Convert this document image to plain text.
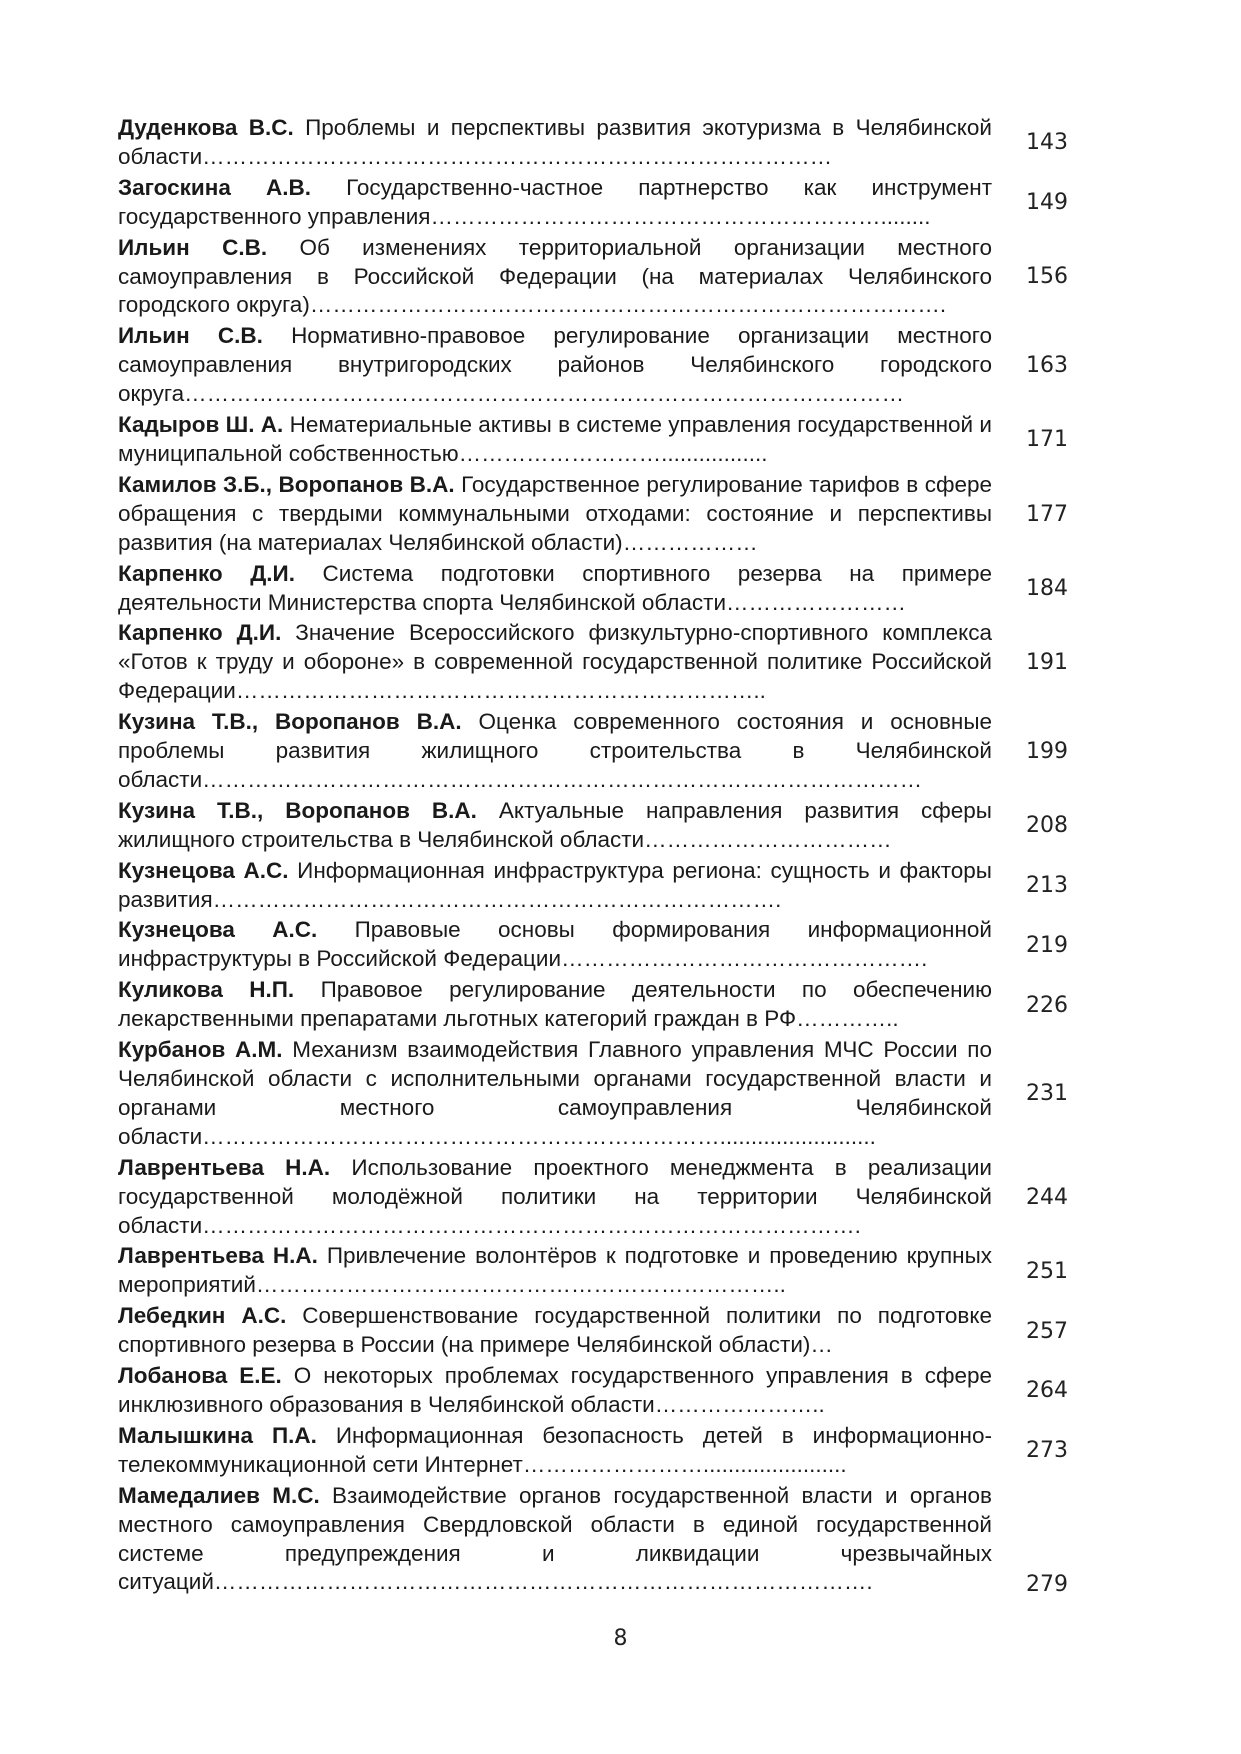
Дуденкова В.С. Проблемы и перспективы развития экотуризма в Челябинской области…………………………………………………………………………
143
Загоскина А.В. Государственно-частное партнерство как инструмент государственного управления……………………………………………………........
149
Ильин С.В. Об изменениях территориальной организации местного самоуправления в Российской Федерации (на материалах Челябинского городского округа)………………………………………………………………………….
156
Ильин С.В. Нормативно-правовое регулирование организации местного самоуправления внутригородских районов Челябинского городского округа……………………………………………………………………………………
163
Кадыров Ш. А. Нематериальные активы в системе управления государственной и муниципальной собственностью……………………….................
171
Камилов З.Б., Воропанов В.А. Государственное регулирование тарифов в сфере обращения с твердыми коммунальными отходами: состояние и перспективы развития (на материалах Челябинской области)………………
177
Карпенко Д.И. Система подготовки спортивного резерва на примере деятельности Министерства спорта Челябинской области……………………
184
Карпенко Д.И. Значение Всероссийского физкультурно-спортивного комплекса «Готов к труду и обороне» в современной государственной политике Российской Федерации……………………………………………………………..
191
Кузина Т.В., Воропанов В.А. Оценка современного состояния и основные проблемы развития жилищного строительства в Челябинской области……………………………………………………………………………………
199
Кузина Т.В., Воропанов В.А. Актуальные направления развития сферы жилищного строительства в Челябинской области……………………………
208
Кузнецова А.С. Информационная инфраструктура региона: сущность и факторы развития………………………………………………………………….
213
Кузнецова А.С. Правовые основы формирования информационной инфраструктуры в Российской Федерации………………………………………….
219
Куликова Н.П. Правовое регулирование деятельности по обеспечению лекарственными препаратами льготных категорий граждан в РФ…………..
226
Курбанов А.М. Механизм взаимодействия Главного управления МЧС России по Челябинской области с исполнительными органами государственной власти и органами местного самоуправления Челябинской области…………………………………………………………….........................
231
Лаврентьева Н.А. Использование проектного менеджмента в реализации государственной молодёжной политики на территории Челябинской области…………………………………………………………………………….
244
Лаврентьева Н.А. Привлечение волонтёров к подготовке и проведению крупных мероприятий……………………………………………………………..
251
Лебедкин А.С. Совершенствование государственной политики по подготовке спортивного резерва в России (на примере Челябинской области)…
257
Лобанова Е.Е. О некоторых проблемах государственного управления в сфере инклюзивного образования в Челябинской области…………………..
264
Малышкина П.А. Информационная безопасность детей в информационно-телекоммуникационной сети Интернет…………………….......................
273
Мамедалиев М.С. Взаимодействие органов государственной власти и органов местного самоуправления Свердловской области в единой государственной системе предупреждения и ликвидации чрезвычайных ситуаций…………………………………………………………………………….	279
8
